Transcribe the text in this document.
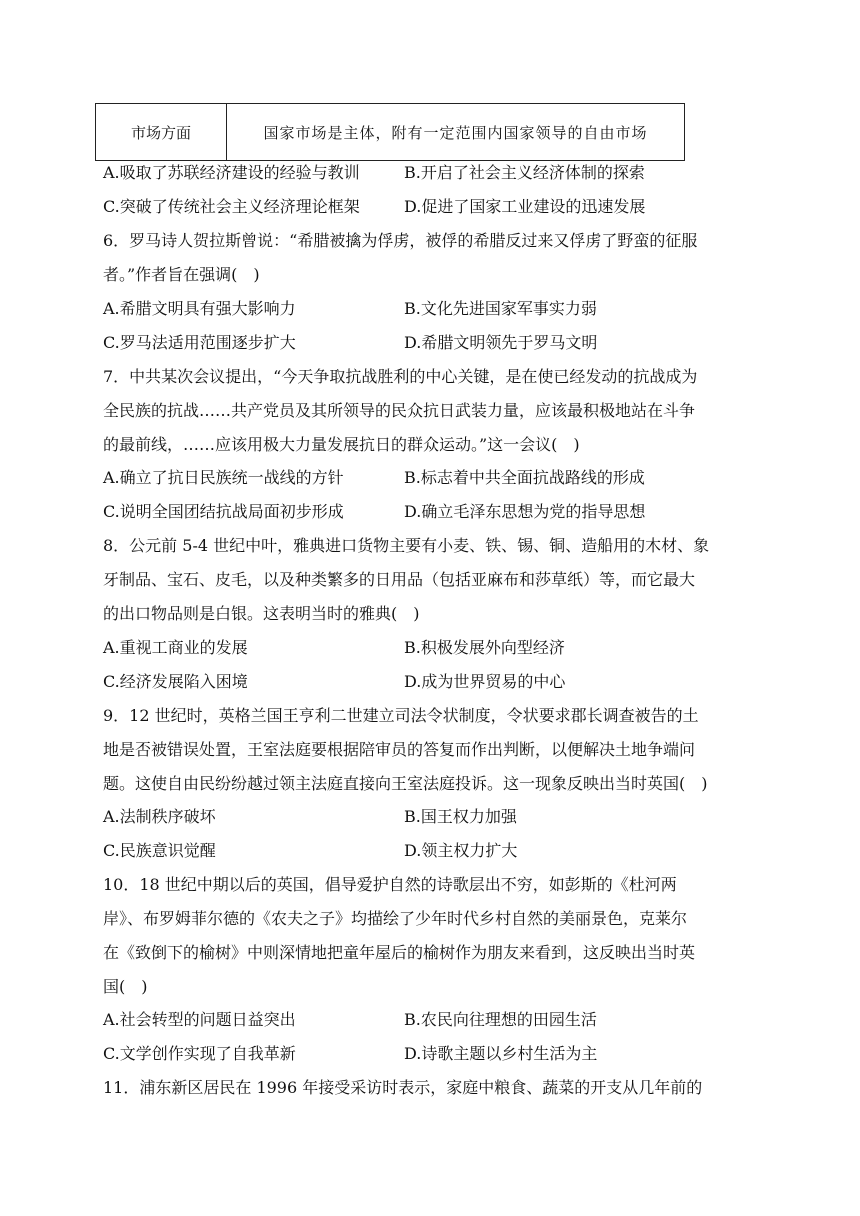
市场方面	国家市场是主体，附有一定范围内国家领导的自由市场
A.吸取了苏联经济建设的经验与教训	B.开启了社会主义经济体制的探索
C.突破了传统社会主义经济理论框架	D.促进了国家工业建设的迅速发展
6．罗马诗人贺拉斯曾说：“希腊被擒为俘虏，被俘的希腊反过来又俘虏了野蛮的征服
者。”作者旨在强调(　)
A.希腊文明具有强大影响力	B.文化先进国家军事实力弱
C.罗马法适用范围逐步扩大	D.希腊文明领先于罗马文明
7．中共某次会议提出，“今天争取抗战胜利的中心关键，是在使已经发动的抗战成为
全民族的抗战……共产党员及其所领导的民众抗日武装力量，应该最积极地站在斗争
的最前线，……应该用极大力量发展抗日的群众运动。”这一会议(　)
A.确立了抗日民族统一战线的方针	B.标志着中共全面抗战路线的形成
C.说明全国团结抗战局面初步形成	D.确立毛泽东思想为党的指导思想
8．公元前 5-4 世纪中叶，雅典进口货物主要有小麦、铁、锡、铜、造船用的木材、象
牙制品、宝石、皮毛，以及种类繁多的日用品（包括亚麻布和莎草纸）等，而它最大
的出口物品则是白银。这表明当时的雅典(　)
A.重视工商业的发展	B.积极发展外向型经济
C.经济发展陷入困境	D.成为世界贸易的中心
9．12 世纪时，英格兰国王亨利二世建立司法令状制度，令状要求郡长调查被告的土
地是否被错误处置，王室法庭要根据陪审员的答复而作出判断，以便解决土地争端问
题。这使自由民纷纷越过领主法庭直接向王室法庭投诉。这一现象反映出当时英国(　)
A.法制秩序破坏	B.国王权力加强
C.民族意识觉醒	D.领主权力扩大
10．18 世纪中期以后的英国，倡导爱护自然的诗歌层出不穷，如彭斯的《杜河两
岸》、布罗姆菲尔德的《农夫之子》均描绘了少年时代乡村自然的美丽景色，克莱尔
在《致倒下的榆树》中则深情地把童年屋后的榆树作为朋友来看到，这反映出当时英
国(　)
A.社会转型的问题日益突出	B.农民向往理想的田园生活
C.文学创作实现了自我革新	D.诗歌主题以乡村生活为主
11．浦东新区居民在 1996 年接受采访时表示，家庭中粮食、蔬菜的开支从几年前的
